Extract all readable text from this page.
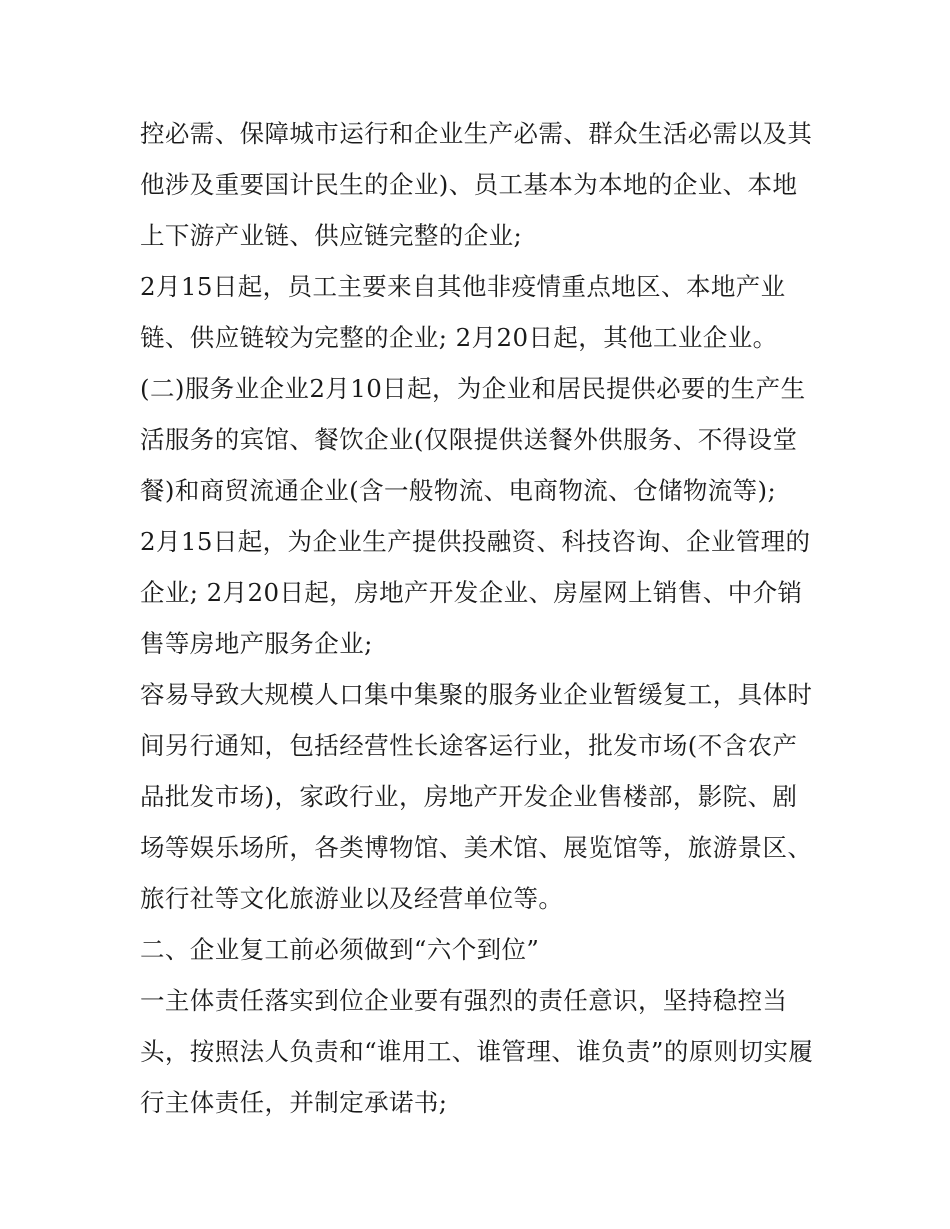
控必需、保障城市运行和企业生产必需、群众生活必需以及其

他涉及重要国计民生的企业)、员工基本为本地的企业、本地

上下游产业链、供应链完整的企业;

2月15日起，员工主要来自其他非疫情重点地区、本地产业

链、供应链较为完整的企业; 2月20日起，其他工业企业。

(二)服务业企业2月10日起，为企业和居民提供必要的生产生

活服务的宾馆、餐饮企业(仅限提供送餐外供服务、不得设堂

餐)和商贸流通企业(含一般物流、电商物流、仓储物流等);

2月15日起，为企业生产提供投融资、科技咨询、企业管理的

企业; 2月20日起，房地产开发企业、房屋网上销售、中介销

售等房地产服务企业;

容易导致大规模人口集中集聚的服务业企业暂缓复工，具体时

间另行通知，包括经营性长途客运行业，批发市场(不含农产

品批发市场)，家政行业，房地产开发企业售楼部，影院、剧

场等娱乐场所，各类博物馆、美术馆、展览馆等，旅游景区、

旅行社等文化旅游业以及经营单位等。

二、企业复工前必须做到“六个到位”

一主体责任落实到位企业要有强烈的责任意识，坚持稳控当

头，按照法人负责和“谁用工、谁管理、谁负责”的原则切实履

行主体责任，并制定承诺书;
